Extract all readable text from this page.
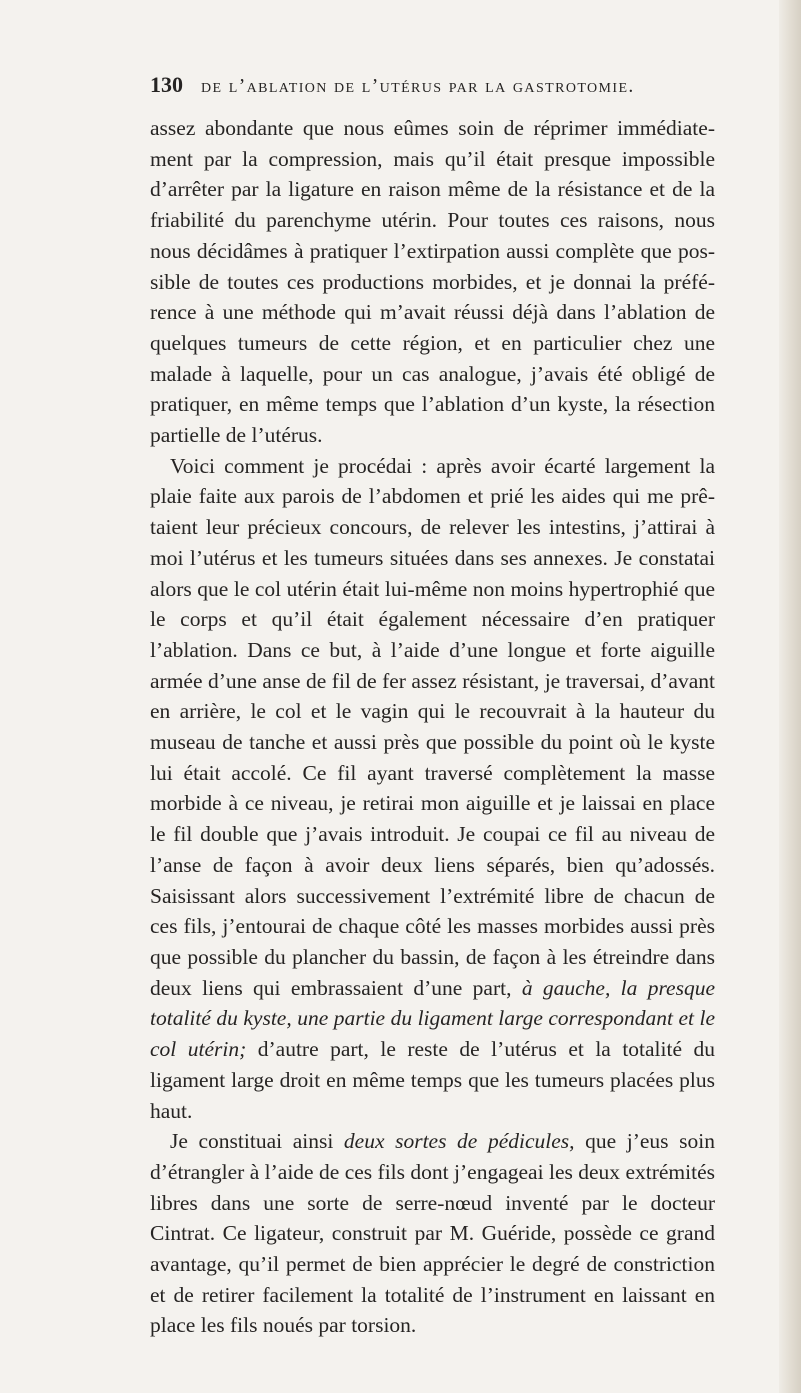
130 de l’ablation de l’utérus par la gastrotomie.

assez abondante que nous eûmes soin de réprimer immédiatement par la compression, mais qu’il était presque impossible d’arrêter par la ligature en raison même de la résistance et de la friabilité du parenchyme utérin. Pour toutes ces raisons, nous nous décidâmes à pratiquer l’extirpation aussi complète que possible de toutes ces productions morbides, et je donnai la préférence à une méthode qui m’avait réussi déjà dans l’ablation de quelques tumeurs de cette région, et en particulier chez une malade à laquelle, pour un cas analogue, j’avais été obligé de pratiquer, en même temps que l’ablation d’un kyste, la résection partielle de l’utérus.

Voici comment je procédai : après avoir écarté largement la plaie faite aux parois de l’abdomen et prié les aides qui me prêtaient leur précieux concours, de relever les intestins, j’attirai à moi l’utérus et les tumeurs situées dans ses annexes. Je constatai alors que le col utérin était lui-même non moins hypertrophié que le corps et qu’il était également nécessaire d’en pratiquer l’ablation. Dans ce but, à l’aide d’une longue et forte aiguille armée d’une anse de fil de fer assez résistant, je traversai, d’avant en arrière, le col et le vagin qui le recouvrait à la hauteur du museau de tanche et aussi près que possible du point où le kyste lui était accolé. Ce fil ayant traversé complètement la masse morbide à ce niveau, je retirai mon aiguille et je laissai en place le fil double que j’avais introduit. Je coupai ce fil au niveau de l’anse de façon à avoir deux liens séparés, bien qu’adossés. Saisissant alors successivement l’extrémité libre de chacun de ces fils, j’entourai de chaque côté les masses morbides aussi près que possible du plancher du bassin, de façon à les étreindre dans deux liens qui embrassaient d’une part, à gauche, la presque totalité du kyste, une partie du ligament large correspondant et le col utérin; d’autre part, le reste de l’utérus et la totalité du ligament large droit en même temps que les tumeurs placées plus haut.

Je constituai ainsi deux sortes de pédicules, que j’eus soin d’étrangler à l’aide de ces fils dont j’engageai les deux extrémités libres dans une sorte de serre-nœud inventé par le docteur Cintrat. Ce ligateur, construit par M. Guéride, possède ce grand avantage, qu’il permet de bien apprécier le degré de constriction et de retirer facilement la totalité de l’instrument en laissant en place les fils noués par torsion.
